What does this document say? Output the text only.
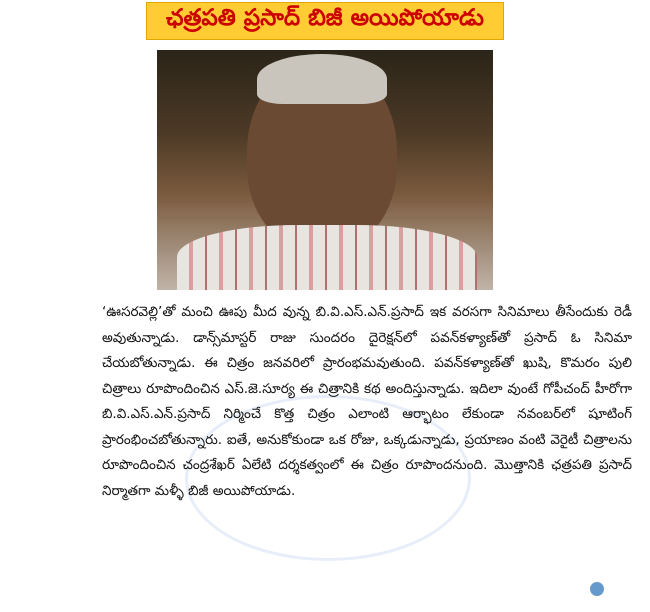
ఛత్రపతి ప్రసాద్ బిజీ అయిపోయాడు

‘ఊసరవెల్లి’తో మంచి ఊపు మీద వున్న బి.వి.ఎస్.ఎన్.ప్రసాద్ ఇక వరసగా సినిమాలు తీసేందుకు రెడీ అవుతున్నాడు. డాన్స్‌మాస్టర్ రాజు సుందరం దైరెక్షన్‌లో పవన్‌కళ్యాణ్‌తో ప్రసాద్ ఓ సినిమా చేయబోతున్నాడు. ఈ చిత్రం జనవరిలో ప్రారంభమవుతుంది. పవన్‌కళ్యాణ్‌తో ఖుషి, కొమరం పులి చిత్రాలు రూపొందించిన ఎస్.జె.సూర్య ఈ చిత్రానికి కథ అందిస్తున్నాడు. ఇదిలా వుంటే గోపీచంద్ హీరోగా బి.వి.ఎస్.ఎన్.ప్రసాద్ నిర్మించే కొత్త చిత్రం ఎలాంటి ఆర్భాటం లేకుండా నవంబర్‌లో షూటింగ్ ప్రారంభించబోతున్నారు. ఐతే, అనుకోకుండా ఒక రోజు, ఒక్కడున్నాడు, ప్రయాణం వంటి వెరైటీ చిత్రాలను రూపొందించిన చంద్రశేఖర్ ఏలేటి దర్శకత్వంలో ఈ చిత్రం రూపొందనుంది. మొత్తానికి ఛత్రపతి ప్రసాద్ నిర్మాతగా మళ్ళీ బిజీ అయిపోయాడు.
